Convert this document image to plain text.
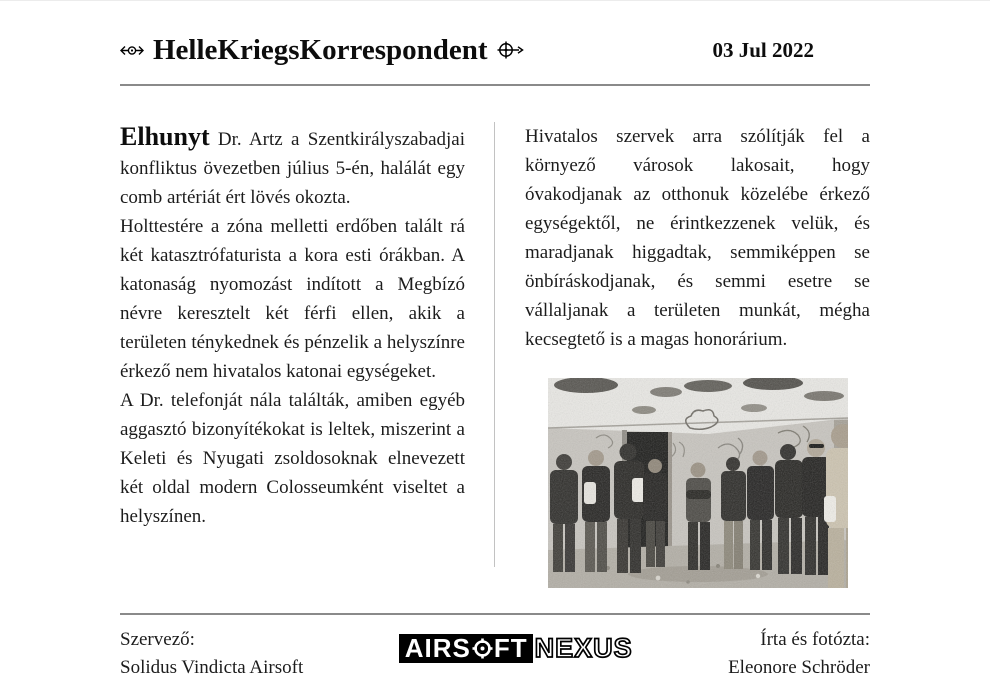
HelleKriegsKorrespondent	03 Jul 2022

Elhunyt Dr. Artz a Szentkirályszabadjai konfliktus övezetben július 5-én, halálát egy comb artériát ért lövés okozta.

Holttestére a zóna melletti erdőben talált rá két katasztrófaturista a kora esti órákban. A katonaság nyomozást indított a Megbízó névre keresztelt két férfi ellen, akik a területen ténykednek és pénzelik a helyszínre érkező nem hivatalos katonai egységeket.

A Dr. telefonját nála találták, amiben egyéb aggasztó bizonyítékokat is leltek, miszerint a Keleti és Nyugati zsoldosoknak elnevezett két oldal modern Colosseumként viseltet a helyszínen.

Hivatalos szervek arra szólítják fel a környező városok lakosait, hogy óvakodjanak az otthonuk közelébe érkező egységektől, ne érintkezzenek velük, és maradjanak higgadtak, semmiképpen se önbíráskodjanak, és semmi esetre se vállaljanak a területen munkát, mégha kecsegtető is a magas honorárium.

Szervező:
Solidus Vindicta Airsoft
AIRS FT NEXUS	Írta és fotózta:
Eleonore Schröder
